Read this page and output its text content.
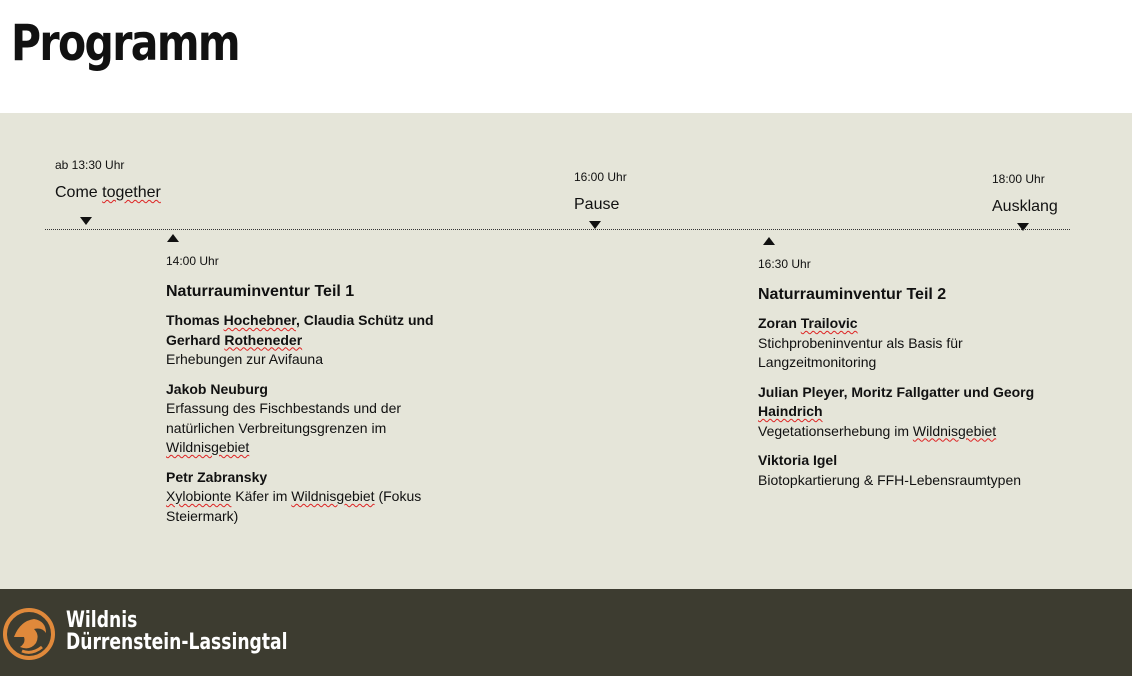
Programm
ab 13:30 Uhr
Come together
16:00 Uhr
Pause
18:00 Uhr
Ausklang
14:00 Uhr
Naturrauminventur Teil 1
Thomas Hochebner, Claudia Schütz und Gerhard Rotheneder
Erhebungen zur Avifauna
Jakob Neuburg
Erfassung des Fischbestands und der natürlichen Verbreitungsgrenzen im Wildnisgebiet
Petr Zabransky
Xylobionte Käfer im Wildnisgebiet (Fokus Steiermark)
16:30 Uhr
Naturrauminventur Teil 2
Zoran Trailovic
Stichprobeninventur als Basis für Langzeitmonitoring
Julian Pleyer, Moritz Fallgatter und Georg Haindrich
Vegetationserhebung im Wildnisgebiet
Viktoria Igel
Biotopkartierung & FFH-Lebensraumtypen
Wildnis
Dürrenstein-Lassingtal
